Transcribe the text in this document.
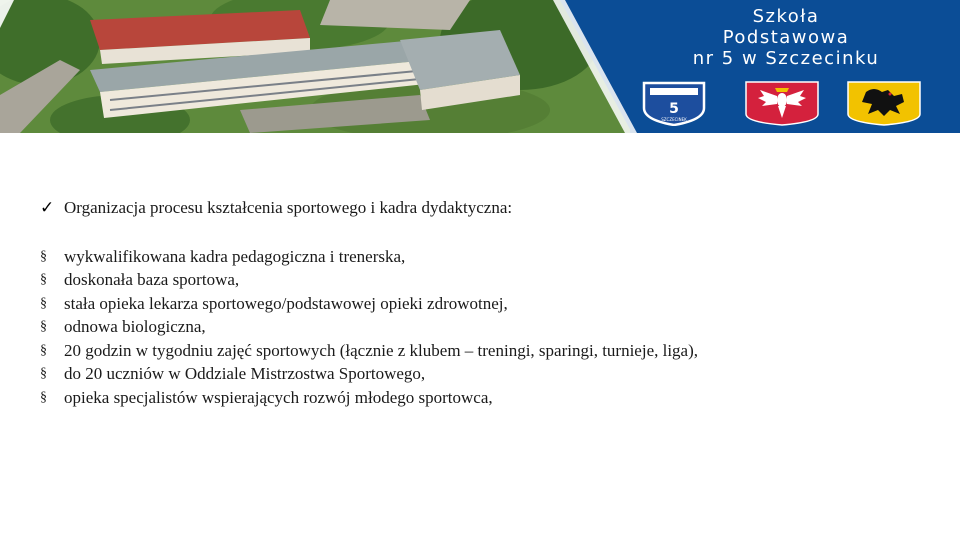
Szkoła
Podstawowa
nr 5 w Szczecinku
5
SZCZECINEK
✓ Organizacja procesu kształcenia sportowego i kadra dydaktyczna:
§	wykwalifikowana kadra pedagogiczna i trenerska,
§	doskonała baza sportowa,
§	stała opieka lekarza sportowego/podstawowej opieki zdrowotnej,
§	odnowa biologiczna,
§	20 godzin w tygodniu zajęć sportowych (łącznie z klubem – treningi, sparingi, turnieje, liga),
§	do 20 uczniów w Oddziale Mistrzostwa Sportowego,
§	opieka specjalistów wspierających rozwój młodego sportowca,
